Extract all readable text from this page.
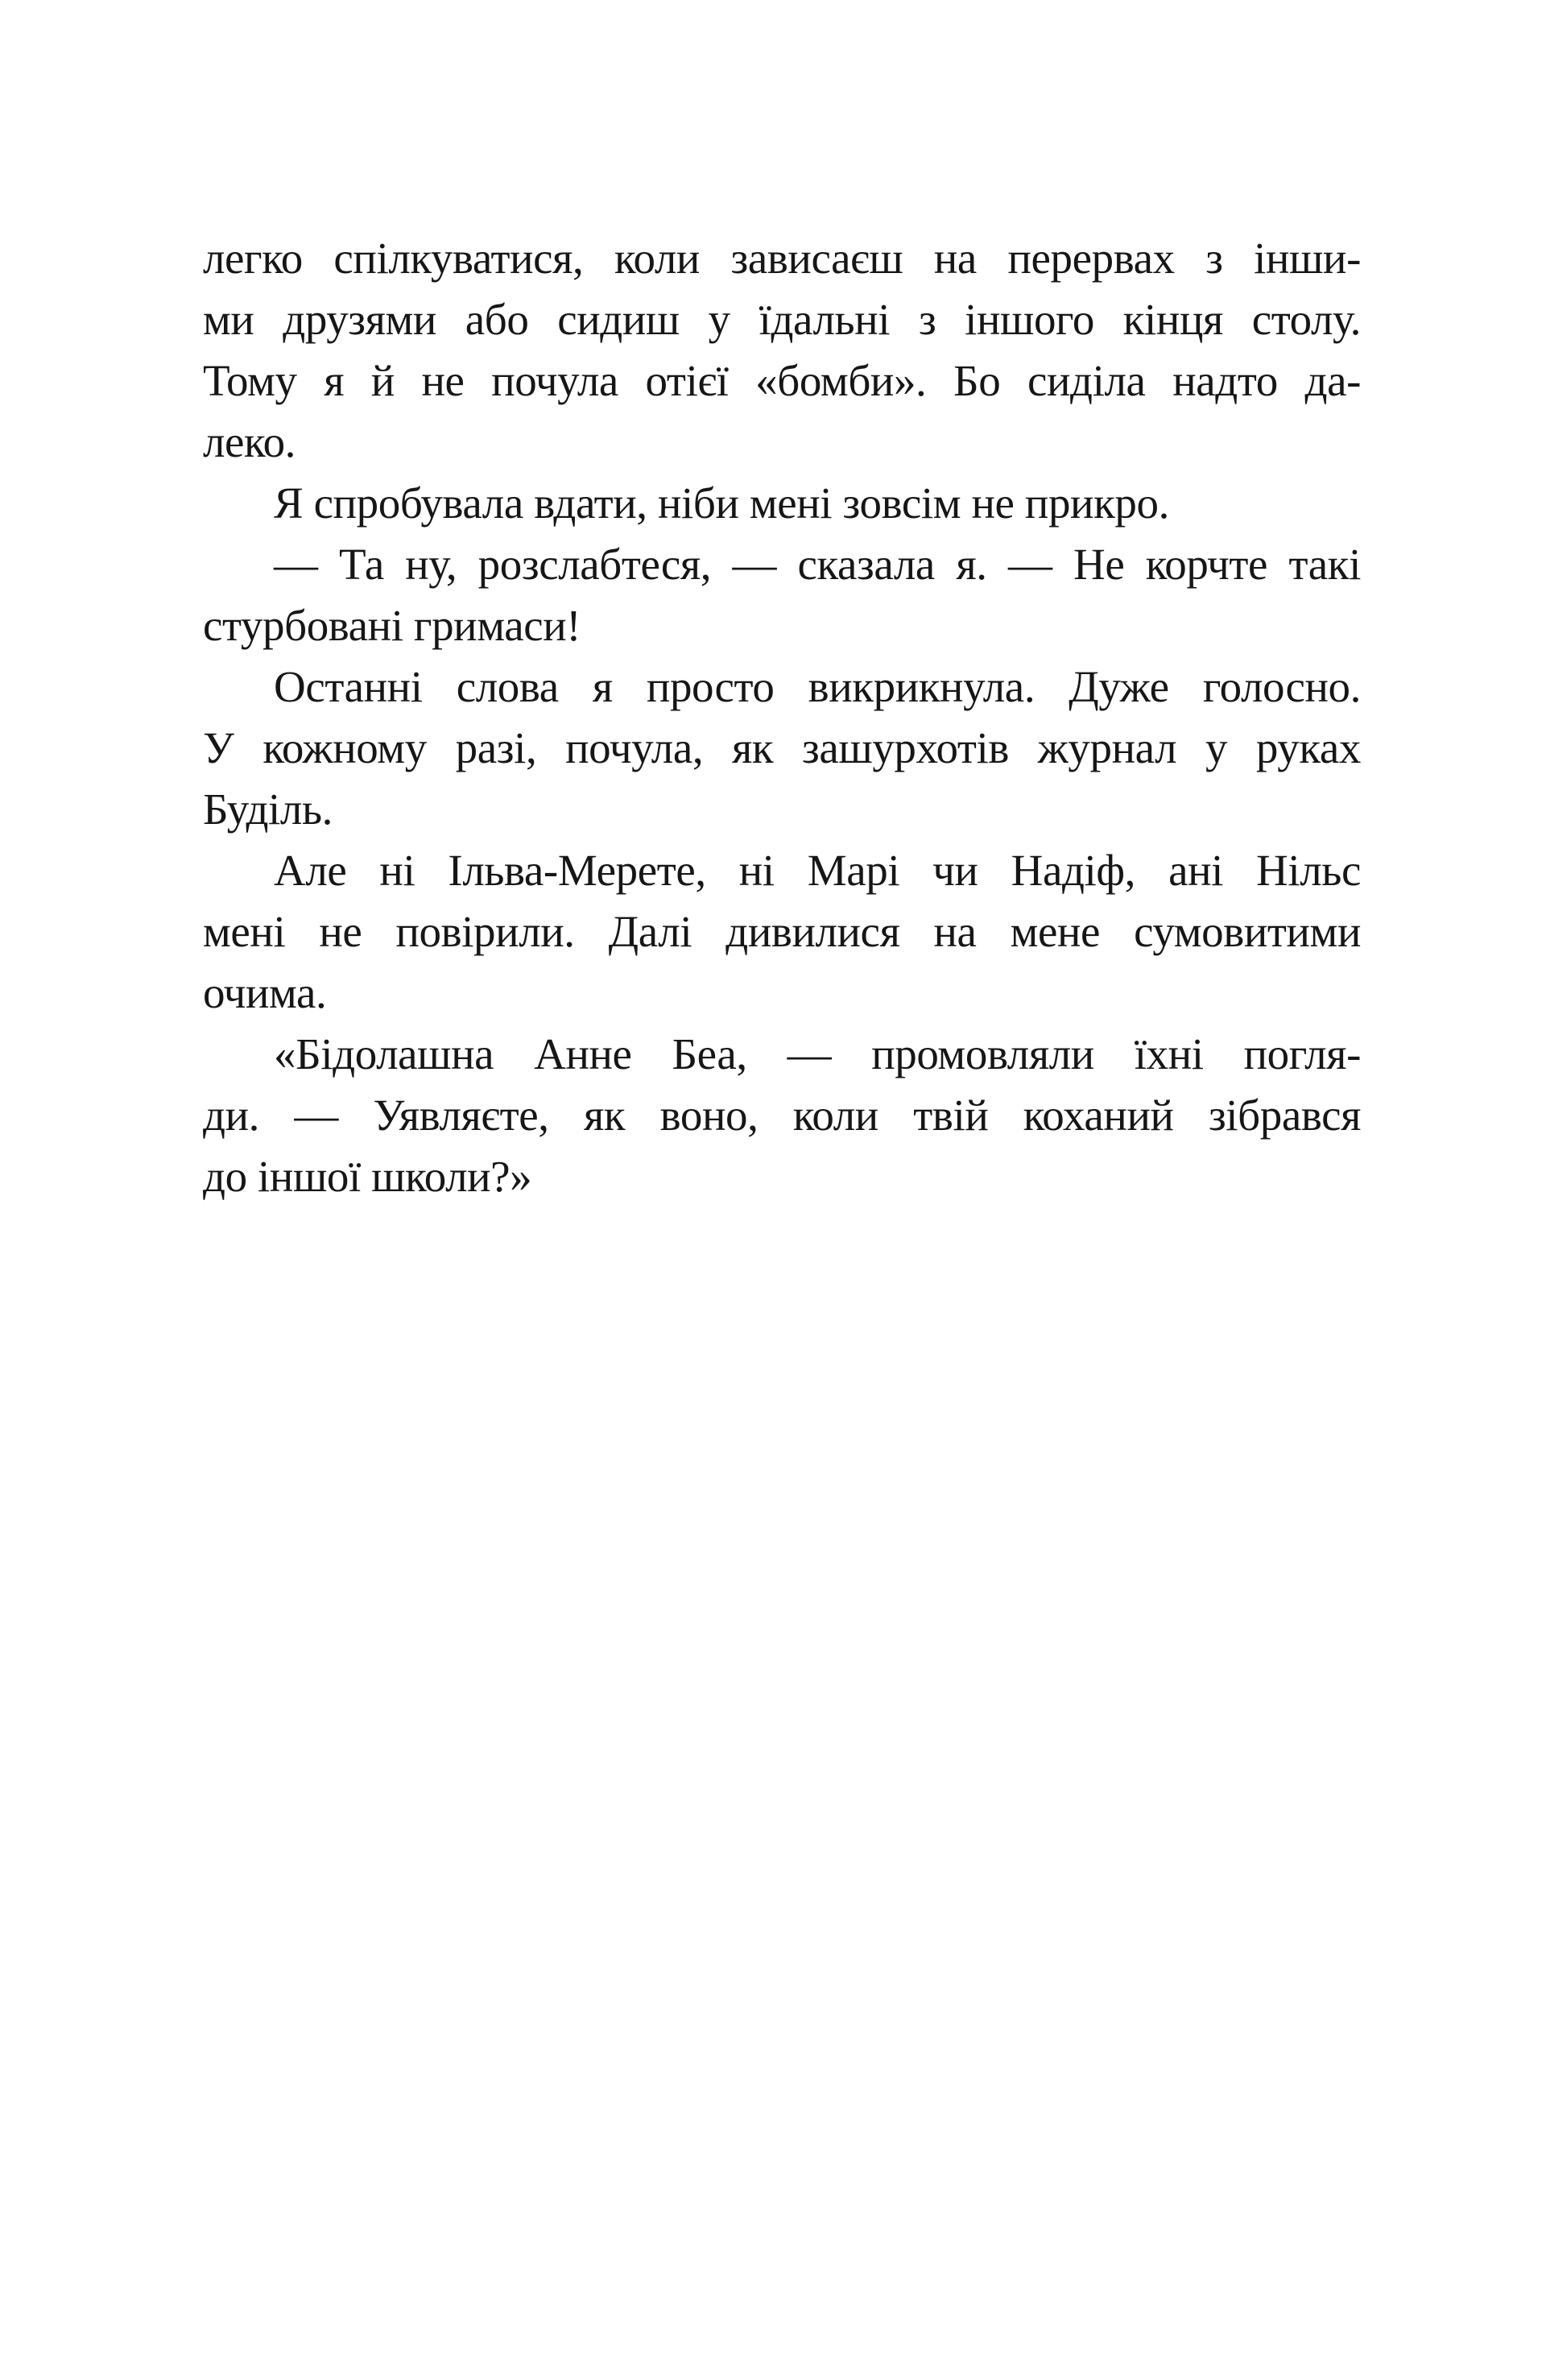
легко спілкуватися, коли зависаєш на перервах з інши-
ми друзями або сидиш у їдальні з іншого кінця столу.
Тому я й не почула отієї «бомби». Бо сиділа надто да-
леко.
Я спробувала вдати, ніби мені зовсім не прикро.
— Та ну, розслабтеся, — сказала я. — Не корчте такі
стурбовані гримаси!
Останні слова я просто викрикнула. Дуже голосно.
У кожному разі, почула, як зашурхотів журнал у руках
Буділь.
Але ні Ільва-Мерете, ні Марі чи Надіф, ані Нільс
мені не повірили. Далі дивилися на мене сумовитими
очима.
«Бідолашна Анне Беа, — промовляли їхні погля-
ди. — Уявляєте, як воно, коли твій коханий зібрався
до іншої школи?»
